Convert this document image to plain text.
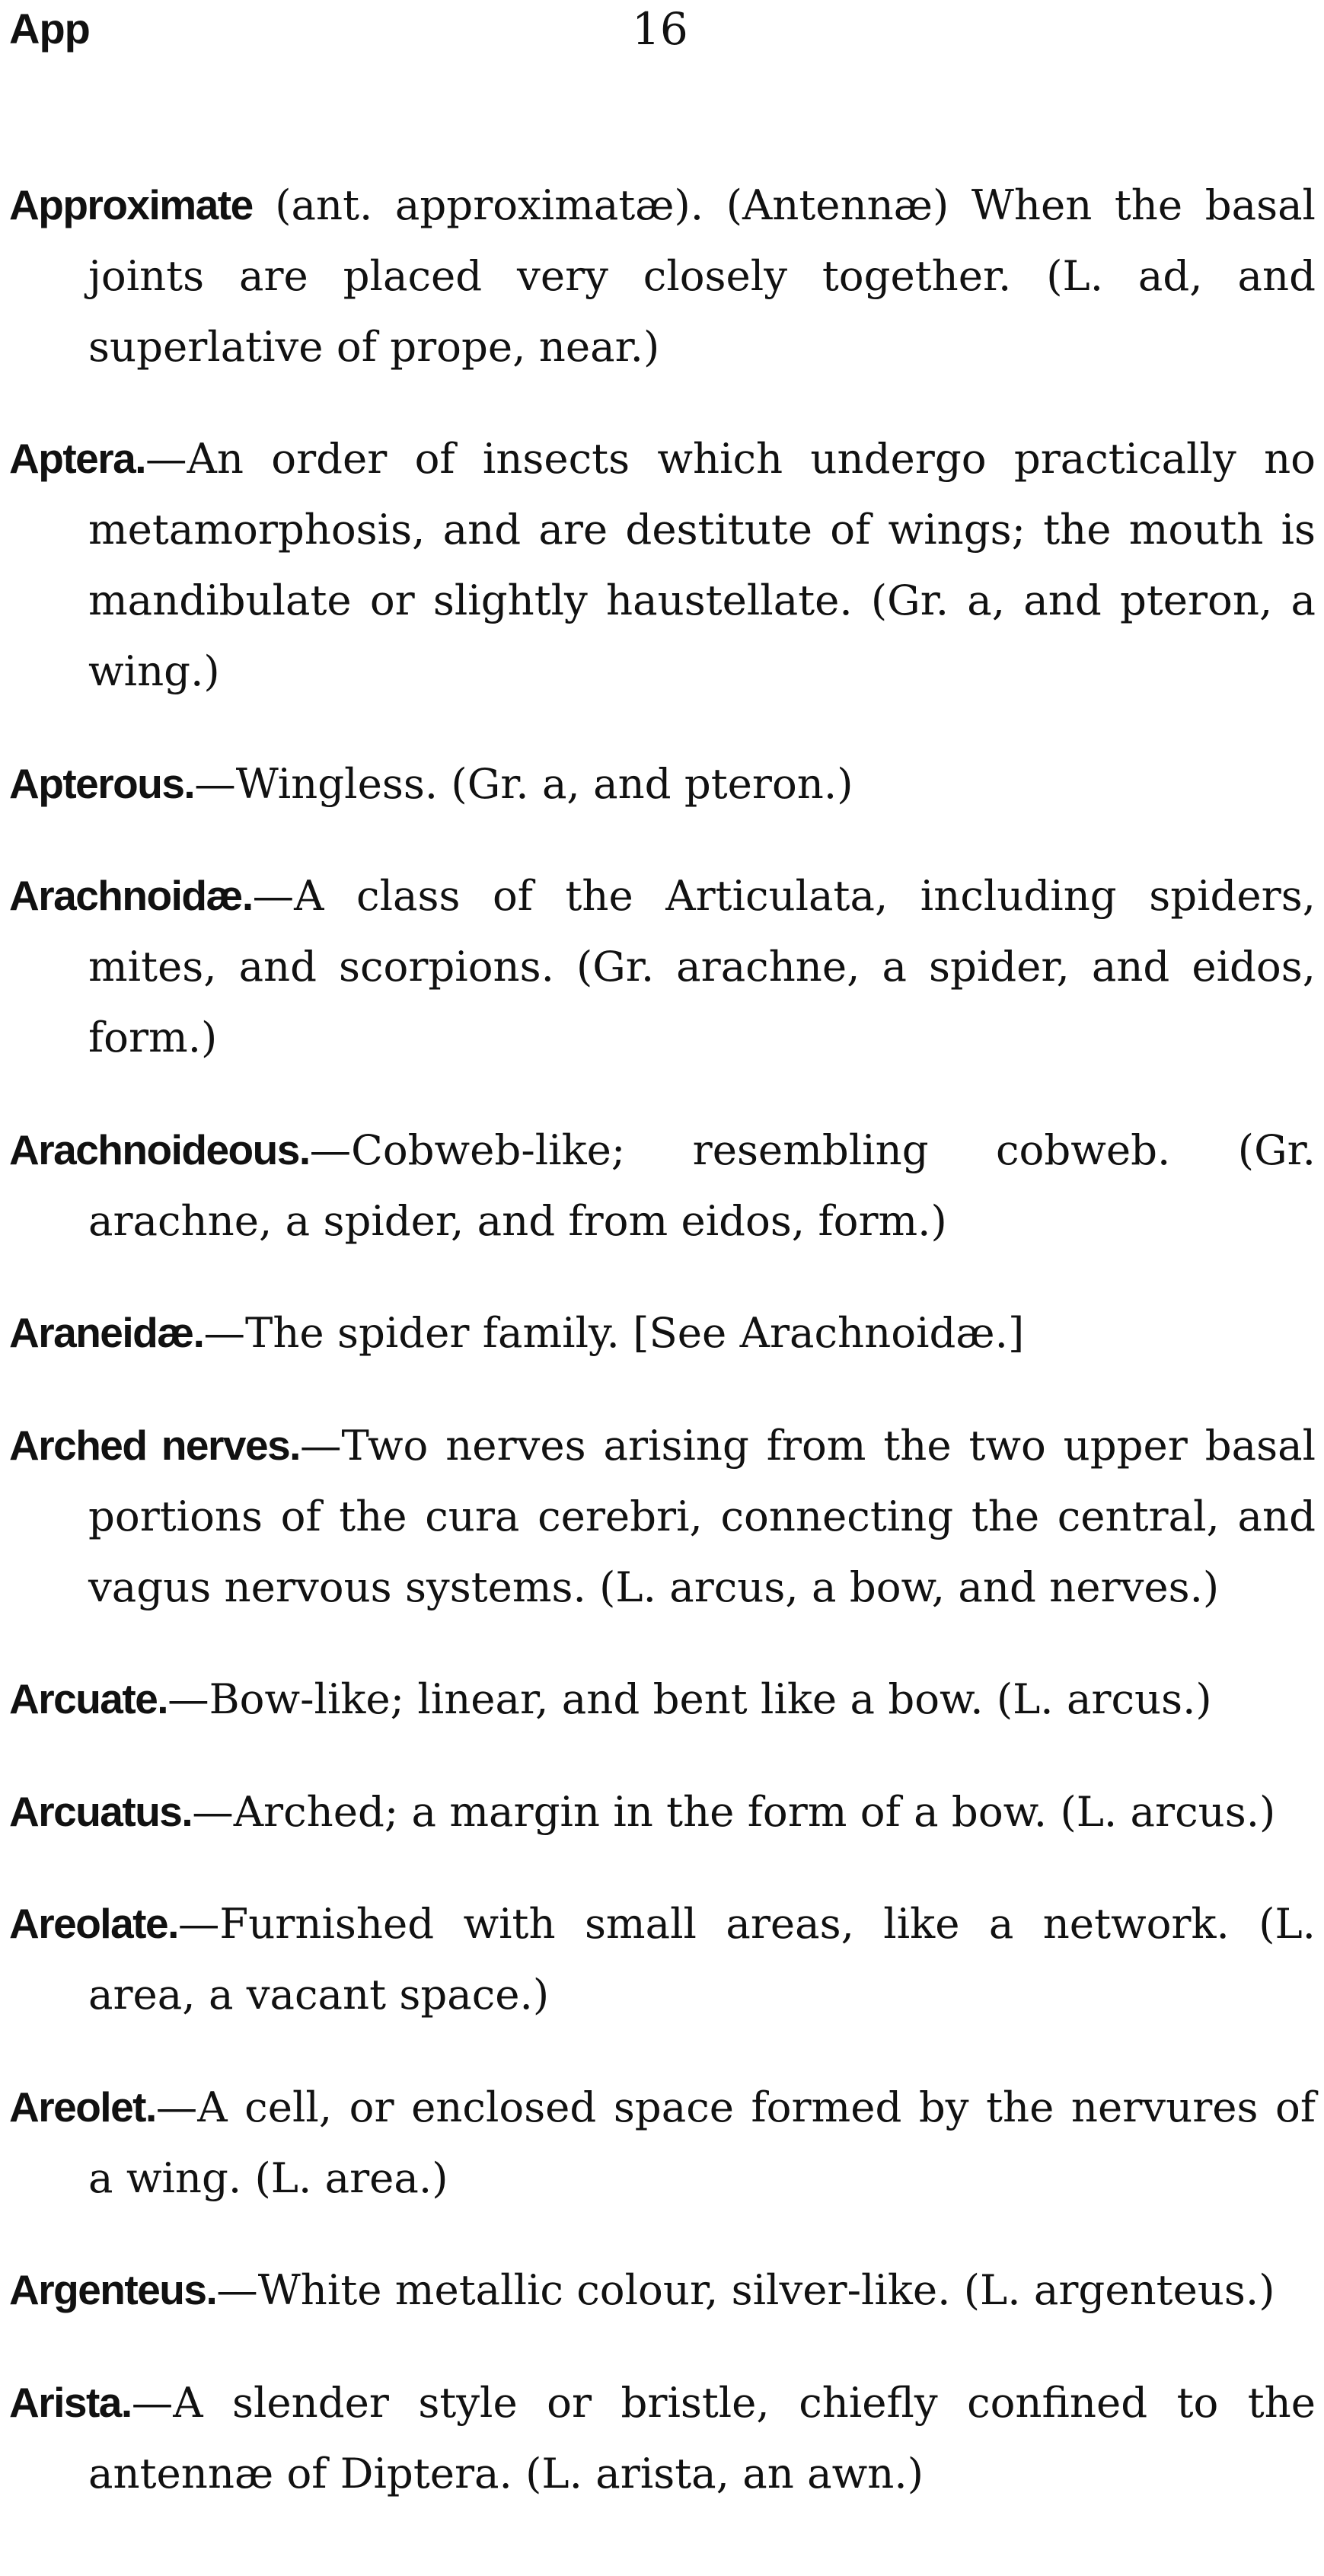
App	16

Approximate (ant. approximatæ). (Antennæ) When the basal joints are placed very closely together. (L. ad, and superlative of prope, near.)

Aptera.—An order of insects which undergo practically no metamorphosis, and are destitute of wings; the mouth is mandibulate or slightly haustellate. (Gr. a, and pteron, a wing.)

Apterous.—Wingless. (Gr. a, and pteron.)

Arachnoidæ.—A class of the Articulata, including spiders, mites, and scorpions. (Gr. arachne, a spider, and eidos, form.)

Arachnoideous.—Cobweb-like; resembling cobweb. (Gr. arachne, a spider, and from eidos, form.)

Araneidæ.—The spider family. [See Arachnoidæ.]

Arched nerves.—Two nerves arising from the two upper basal portions of the cura cerebri, connecting the central, and vagus nervous systems. (L. arcus, a bow, and nerves.)

Arcuate.—Bow-like; linear, and bent like a bow. (L. arcus.)

Arcuatus.—Arched; a margin in the form of a bow. (L. arcus.)

Areolate.—Furnished with small areas, like a network. (L. area, a vacant space.)

Areolet.—A cell, or enclosed space formed by the nervures of a wing. (L. area.)

Argenteus.—White metallic colour, silver-like. (L. argenteus.)

Arista.—A slender style or bristle, chiefly confined to the antennæ of Diptera. (L. arista, an awn.)
